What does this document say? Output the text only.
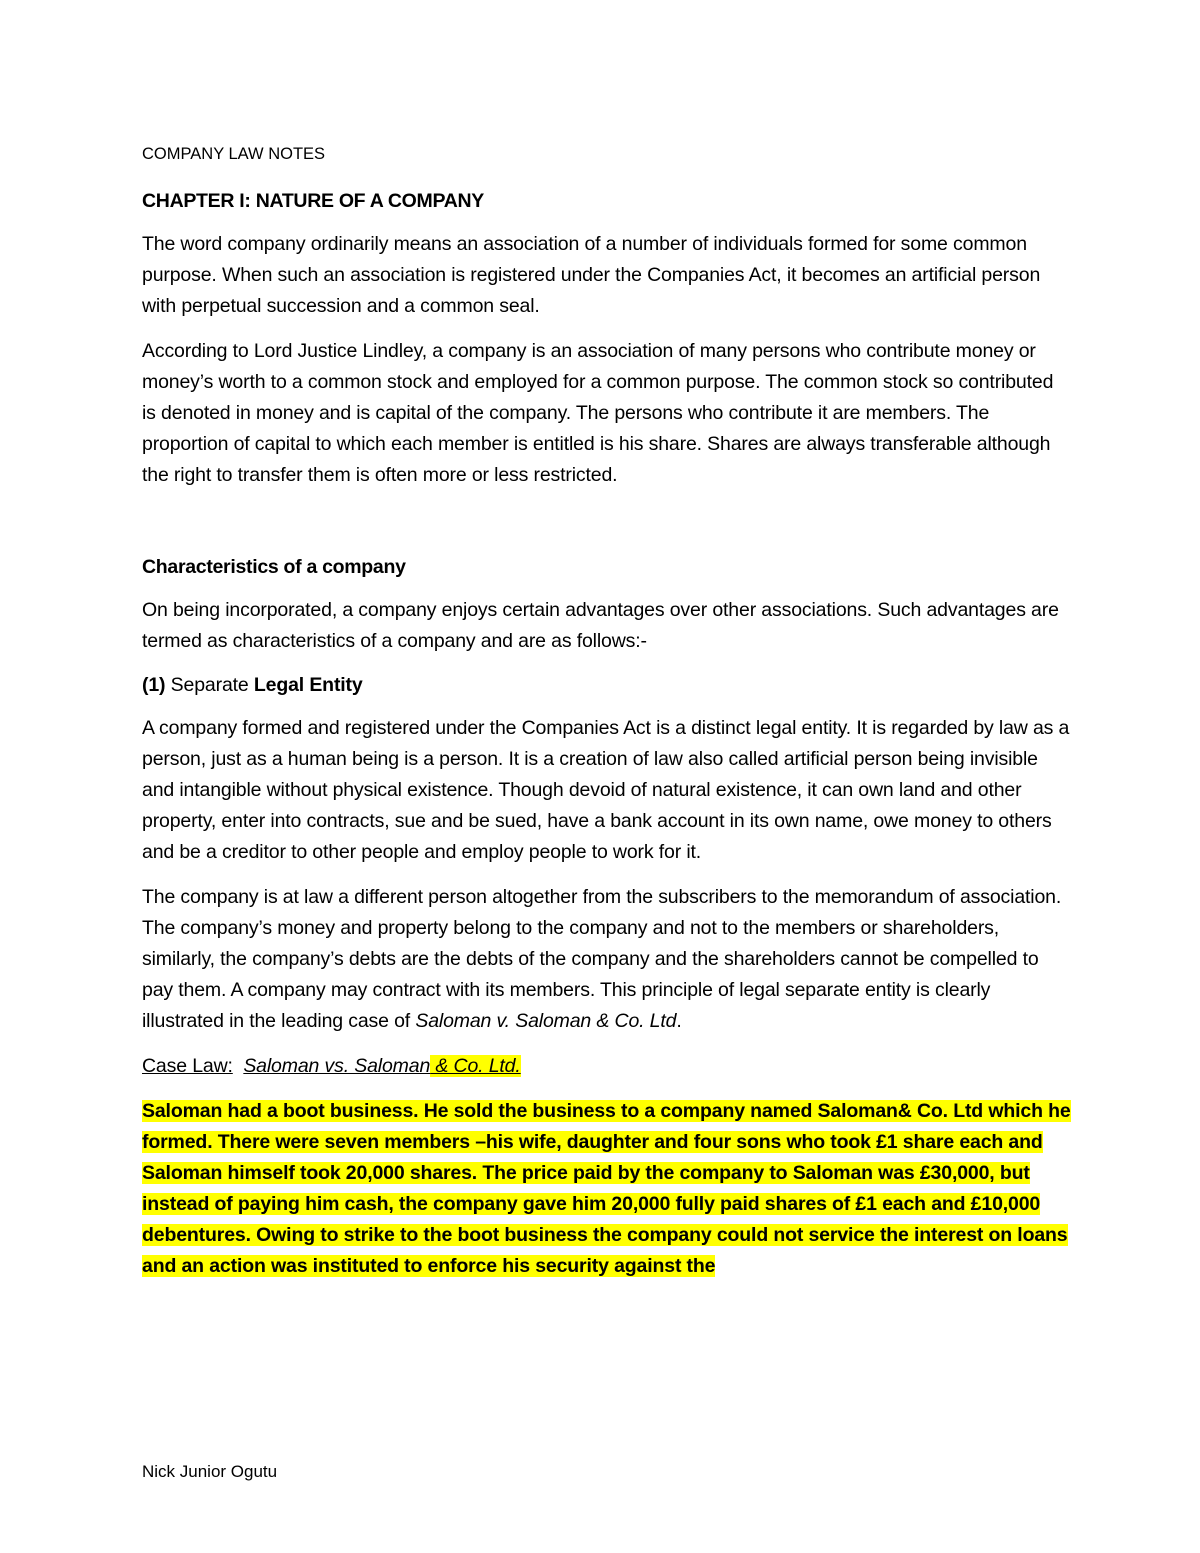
COMPANY LAW NOTES
CHAPTER I: NATURE OF A COMPANY

The word company ordinarily means an association of a number of individuals formed for some common purpose. When such an association is registered under the Companies Act, it becomes an artificial person with perpetual succession and a common seal.

According to Lord Justice Lindley, a company is an association of many persons who contribute money or money’s worth to a common stock and employed for a common purpose. The common stock so contributed is denoted in money and is capital of the company. The persons who contribute it are members. The proportion of capital to which each member is entitled is his share. Shares are always transferable although the right to transfer them is often more or less restricted.

Characteristics of a company

On being incorporated, a company enjoys certain advantages over other associations. Such advantages are termed as characteristics of a company and are as follows:-

(1) Separate Legal Entity

A company formed and registered under the Companies Act is a distinct legal entity. It is regarded by law as a person, just as a human being is a person. It is a creation of law also called artificial person being invisible and intangible without physical existence. Though devoid of natural existence, it can own land and other property, enter into contracts, sue and be sued, have a bank account in its own name, owe money to others and be a creditor to other people and employ people to work for it.

The company is at law a different person altogether from the subscribers to the memorandum of association. The company’s money and property belong to the company and not to the members or shareholders, similarly, the company’s debts are the debts of the company and the shareholders cannot be compelled to pay them. A company may contract with its members. This principle of legal separate entity is clearly illustrated in the leading case of Saloman v. Saloman & Co. Ltd.

Case Law: Saloman vs. Saloman & Co. Ltd.

Saloman had a boot business. He sold the business to a company named Saloman& Co. Ltd which he formed. There were seven members –his wife, daughter and four sons who took £1 share each and Saloman himself took 20,000 shares. The price paid by the company to Saloman was £30,000, but instead of paying him cash, the company gave him 20,000 fully paid shares of £1 each and £10,000 debentures. Owing to strike to the boot business the company could not service the interest on loans and an action was instituted to enforce his security against the

Nick Junior Ogutu
